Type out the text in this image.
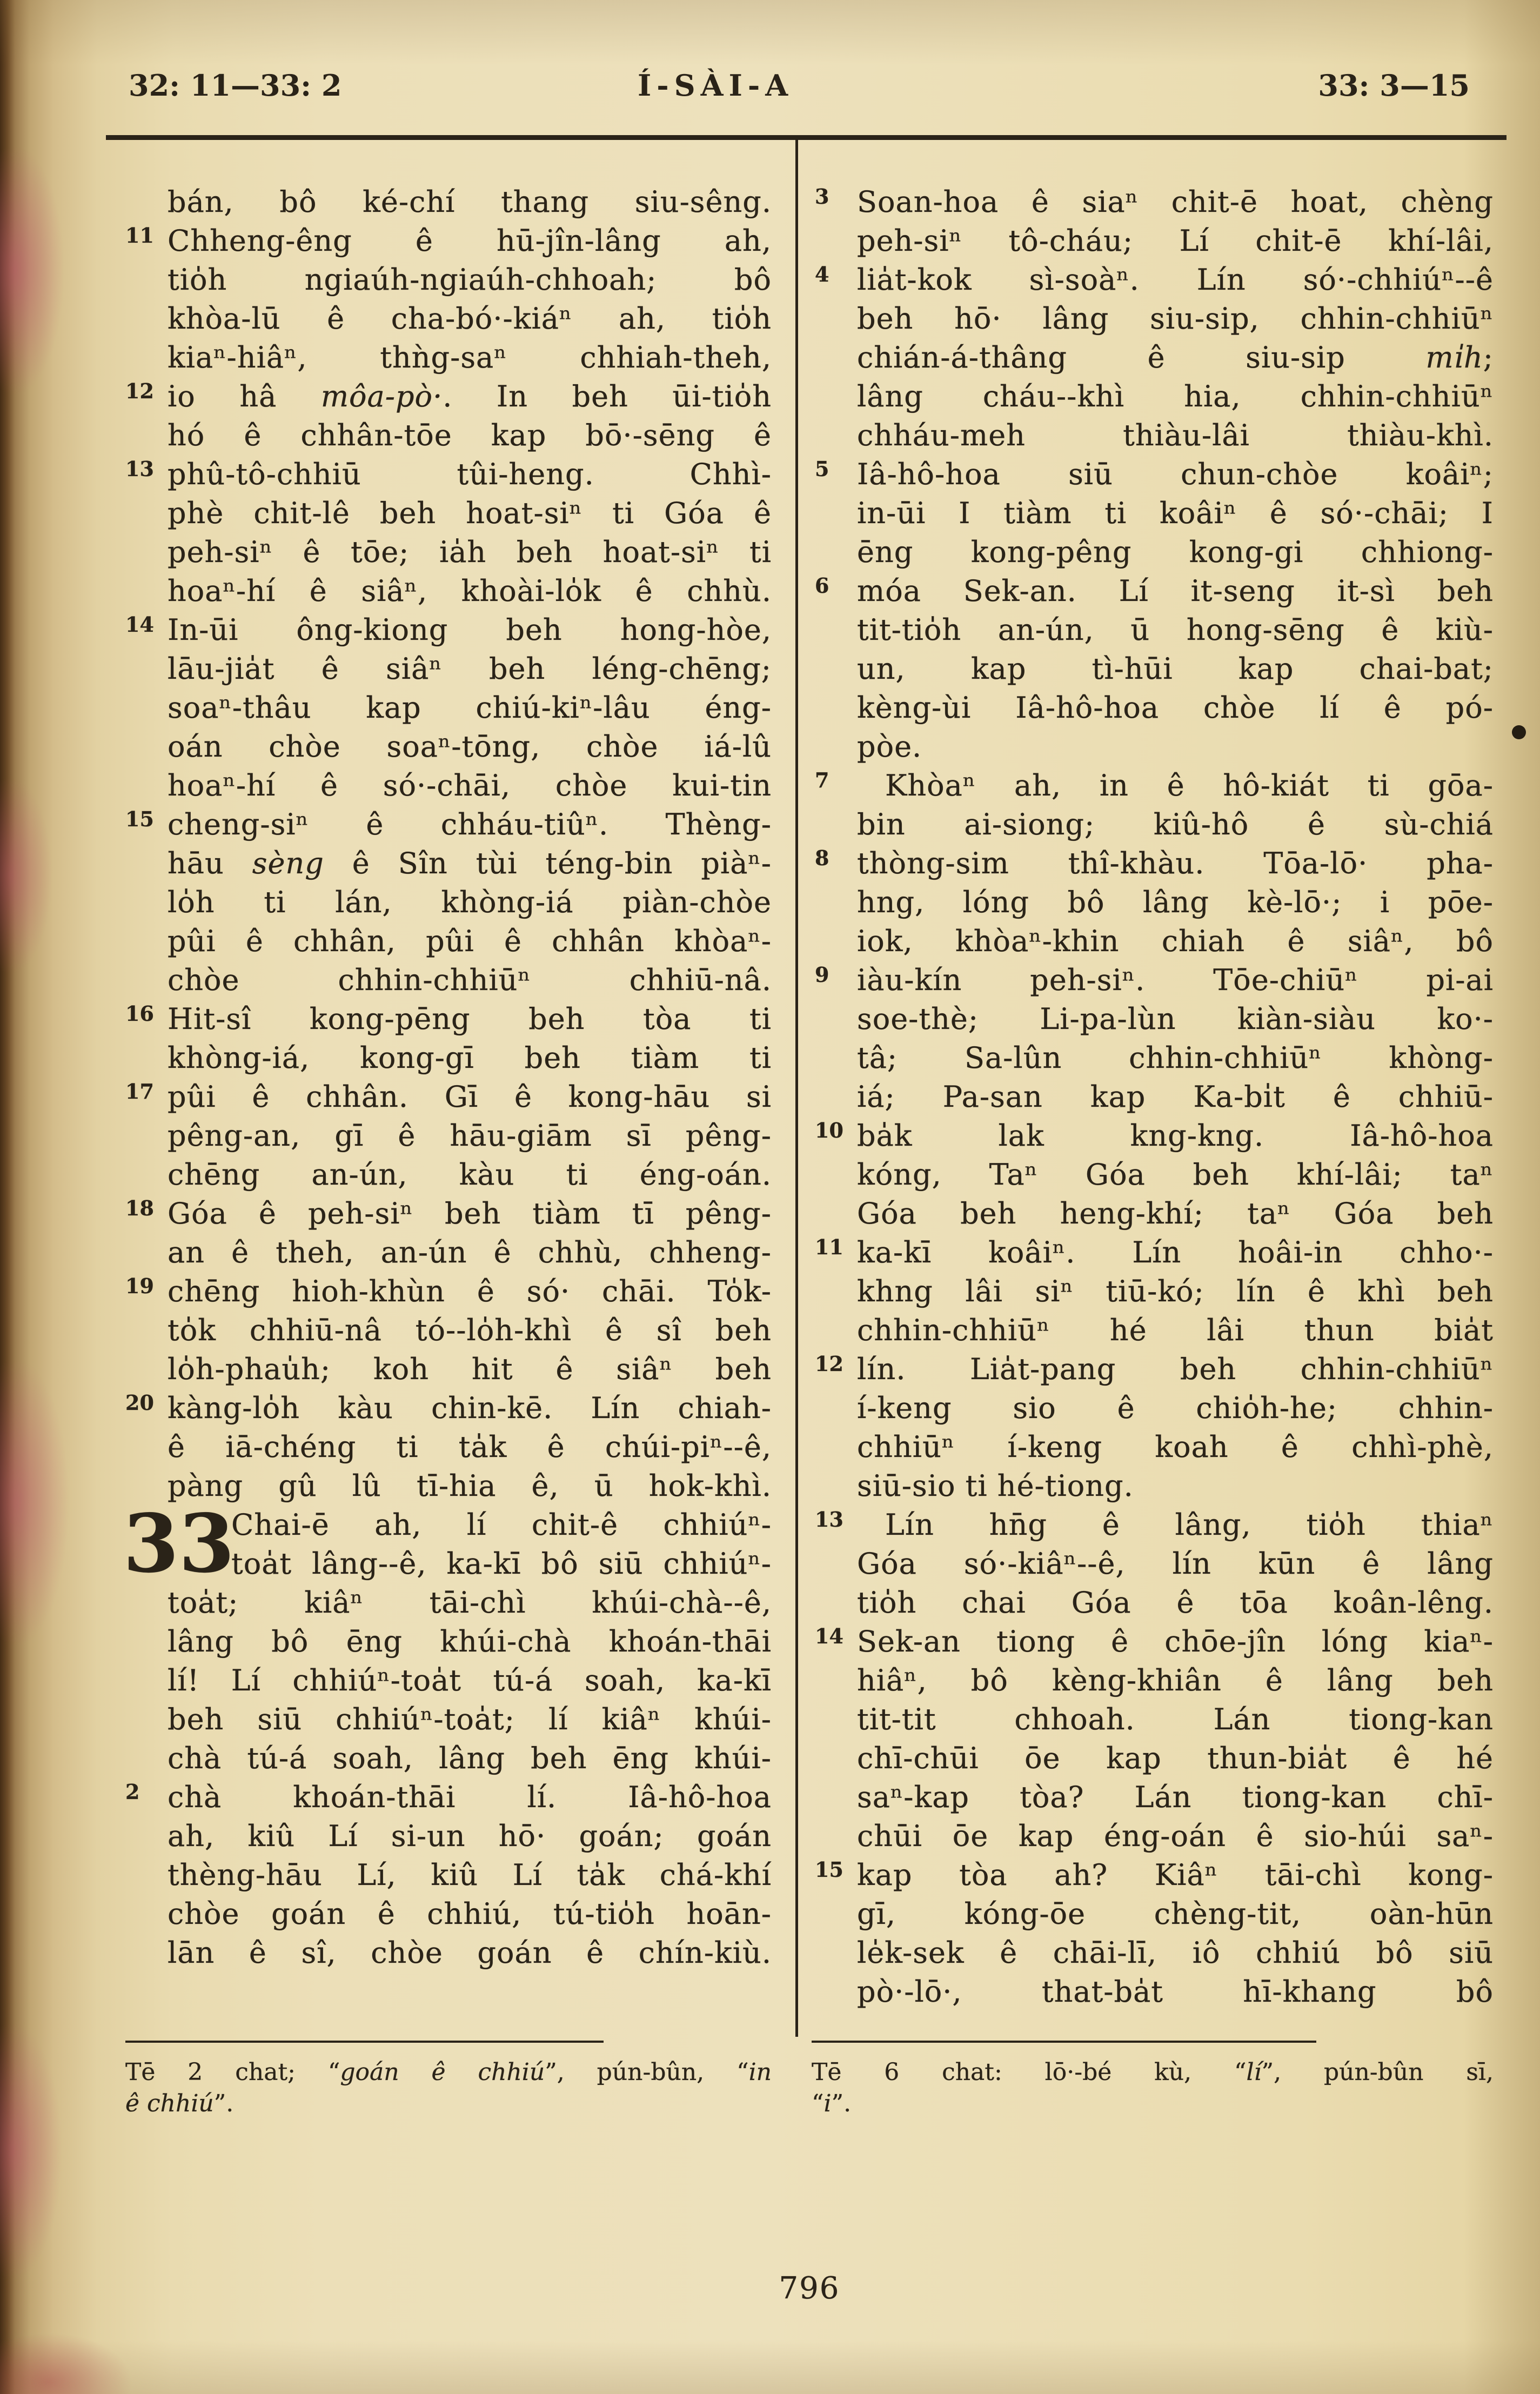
32: 11—33: 2	Í-SÀI-A	33: 3—15
bán, bô ké-chí thang siu-sêng.
11 Chheng-êng ê hū-jîn-lâng ah,
tio̍h ngiaúh-ngiaúh-chhoah; bô
khòa-lū ê cha-bó·-kiáⁿ ah, tio̍h
kiaⁿ-hiâⁿ, thǹg-saⁿ chhiah-theh,
12 io hâ môa-pò·. In beh ūi-tio̍h
hó ê chhân-tōe kap bō·-sēng ê
13 phû-tô-chhiū tûi-heng. Chhì-
phè chit-lê beh hoat-siⁿ ti Góa ê
peh-siⁿ ê tōe; ia̍h beh hoat-siⁿ ti
hoaⁿ-hí ê siâⁿ, khoài-lo̍k ê chhù.
14 In-ūi ông-kiong beh hong-hòe,
lāu-jia̍t ê siâⁿ beh léng-chēng;
soaⁿ-thâu kap chiú-kiⁿ-lâu éng-
oán chòe soaⁿ-tōng, chòe iá-lû
hoaⁿ-hí ê só·-chāi, chòe kui-tin
15 cheng-siⁿ ê chháu-tiûⁿ. Thèng-
hāu sèng ê Sîn tùi téng-bin piàⁿ-
lo̍h ti lán, khòng-iá piàn-chòe
pûi ê chhân, pûi ê chhân khòaⁿ-
chòe chhin-chhiūⁿ chhiū-nâ.
16 Hit-sî kong-pēng beh tòa ti
khòng-iá, kong-gī beh tiàm ti
17 pûi ê chhân. Gī ê kong-hāu si
pêng-an, gī ê hāu-giām sī pêng-
chēng an-ún, kàu ti éng-oán.
18 Góa ê peh-siⁿ beh tiàm tī pêng-
an ê theh, an-ún ê chhù, chheng-
19 chēng hioh-khùn ê só· chāi. To̍k-
to̍k chhiū-nâ tó--lo̍h-khì ê sî beh
lo̍h-phau̍h; koh hit ê siâⁿ beh
20 kàng-lo̍h kàu chin-kē. Lín chiah-
ê iā-chéng ti ta̍k ê chúi-piⁿ--ê,
pàng gû lû tī-hia ê, ū hok-khì.
33
Chai-ē ah, lí chit-ê chhiúⁿ-
toa̍t lâng--ê, ka-kī bô siū chhiúⁿ-
toa̍t; kiâⁿ tāi-chì khúi-chà--ê,
lâng bô ēng khúi-chà khoán-thāi
lí! Lí chhiúⁿ-toa̍t tú-á soah, ka-kī
beh siū chhiúⁿ-toa̍t; lí kiâⁿ khúi-
chà tú-á soah, lâng beh ēng khúi-
2 chà khoán-thāi lí. Iâ-hô-hoa
ah, kiû Lí si-un hō· goán; goán
thèng-hāu Lí, kiû Lí ta̍k chá-khí
chòe goán ê chhiú, tú-tio̍h hoān-
lān ê sî, chòe goán ê chín-kiù.
3 Soan-hoa ê siaⁿ chit-ē hoat, chèng
peh-siⁿ tô-cháu; Lí chit-ē khí-lâi,
4 lia̍t-kok sì-soàⁿ. Lín só·-chhiúⁿ--ê
beh hō· lâng siu-sip, chhin-chhiūⁿ
chián-á-thâng ê siu-sip mi̍h;
lâng cháu--khì hia, chhin-chhiūⁿ
chháu-meh thiàu-lâi thiàu-khì.
5 Iâ-hô-hoa siū chun-chòe koâiⁿ;
in-ūi I tiàm ti koâiⁿ ê só·-chāi; I
ēng kong-pêng kong-gi chhiong-
6 móa Sek-an. Lí it-seng it-sì beh
tit-tio̍h an-ún, ū hong-sēng ê kiù-
un, kap tì-hūi kap chai-bat;
kèng-ùi Iâ-hô-hoa chòe lí ê pó-
pòe.
7	Khòaⁿ ah, in ê hô-kiát ti gōa-
bin ai-siong; kiû-hô ê sù-chiá
8 thòng-sim thî-khàu. Tōa-lō· pha-
hng, lóng bô lâng kè-lō·; i pōe-
iok, khòaⁿ-khin chiah ê siâⁿ, bô
9 iàu-kín peh-siⁿ. Tōe-chiūⁿ pi-ai
soe-thè; Li-pa-lùn kiàn-siàu ko·-
tâ; Sa-lûn chhin-chhiūⁿ khòng-
iá; Pa-san kap Ka-bi̍t ê chhiū-
10 ba̍k lak kng-kng. Iâ-hô-hoa
kóng, Taⁿ Góa beh khí-lâi; taⁿ
Góa beh heng-khí; taⁿ Góa beh
11 ka-kī koâiⁿ. Lín hoâi-in chho·-
khng lâi siⁿ tiū-kó; lín ê khì beh
chhin-chhiūⁿ hé lâi thun bia̍t
12 lín. Lia̍t-pang beh chhin-chhiūⁿ
í-keng sio ê chio̍h-he; chhin-
chhiūⁿ í-keng koah ê chhì-phè,
siū-sio ti hé-tiong.
13	Lín hn̄g ê lâng, tio̍h thiaⁿ
Góa só·-kiâⁿ--ê, lín kūn ê lâng
tio̍h chai Góa ê tōa koân-lêng.
14 Sek-an tiong ê chōe-jîn lóng kiaⁿ-
hiâⁿ, bô kèng-khiân ê lâng beh
tit-tit chhoah. Lán tiong-kan
chī-chūi ōe kap thun-bia̍t ê hé
saⁿ-kap tòa? Lán tiong-kan chī-
chūi ōe kap éng-oán ê sio-húi saⁿ-
15 kap tòa ah? Kiâⁿ tāi-chì kong-
gī, kóng-ōe chèng-tit, oàn-hūn
le̍k-sek ê chāi-lī, iô chhiú bô siū
pò·-lō·, that-ba̍t hī-khang bô
Tē 2 chat; “goán ê chhiú”, pún-bûn, “in
ê chhiú”.
Tē 6 chat: lō·-bé kù, “lí”, pún-bûn sī,
“i”.
796
